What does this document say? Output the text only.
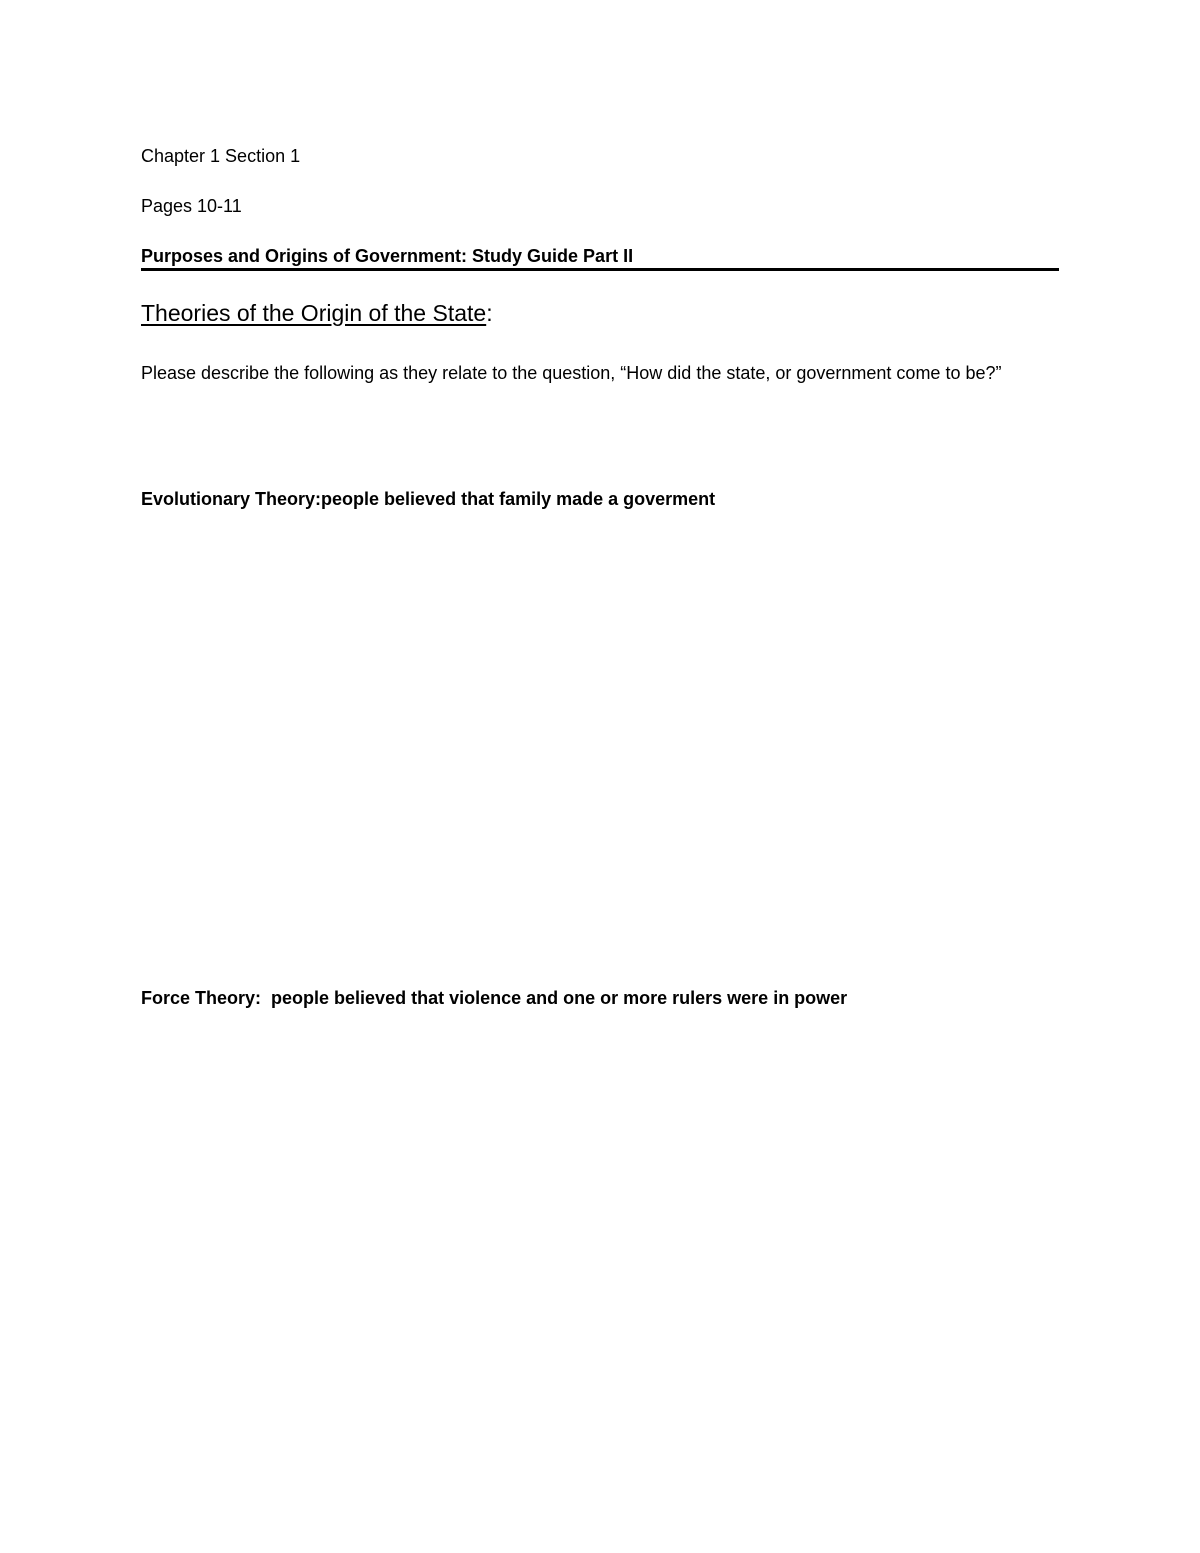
Chapter 1 Section 1

Pages 10-11

Purposes and Origins of Government: Study Guide Part II

Theories of the Origin of the State:

Please describe the following as they relate to the question, “How did the state, or government come to be?”

Evolutionary Theory:people believed that family made a goverment

Force Theory:  people believed that violence and one or more rulers were in power
